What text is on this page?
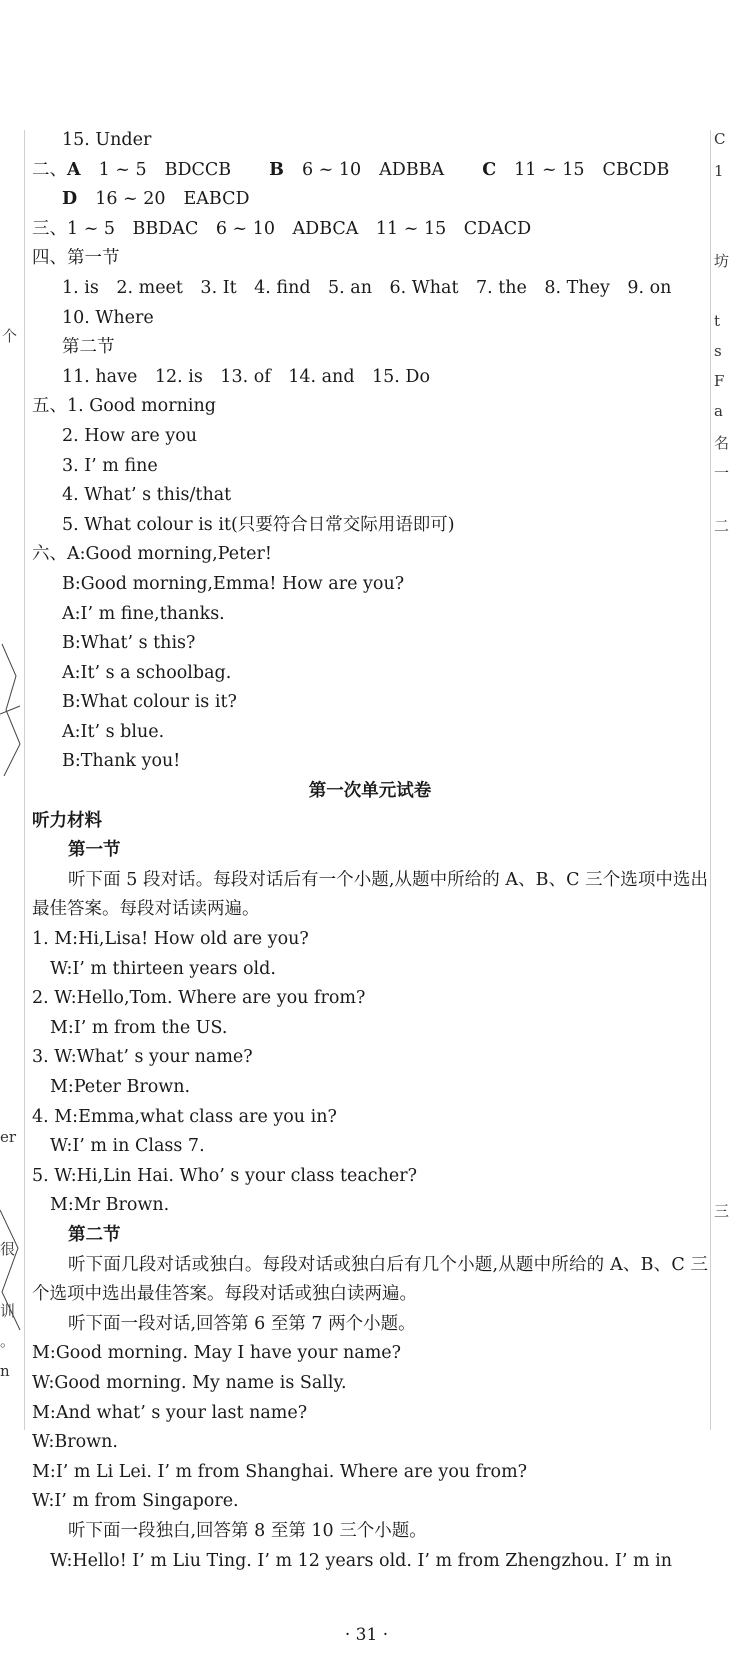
个
er
很
训
。
n
C
1
坊
t
s
F
a
名
一
二
三
15. Under
二、A 1 ~ 5 BDCCB B 6 ~ 10 ADBBA C 11 ~ 15 CBCDB
D 16 ~ 20 EABCD
三、1 ~ 5　BBDAC　6 ~ 10　ADBCA　11 ~ 15　CDACD
四、第一节
1. is　2. meet　3. It　4. find　5. an　6. What　7. the　8. They　9. on
10. Where
第二节
11. have　12. is　13. of　14. and　15. Do
五、1. Good morning
2. How are you
3. I’ m fine
4. What’ s this/that
5. What colour is it(只要符合日常交际用语即可)
六、A:Good morning,Peter!
B:Good morning,Emma! How are you?
A:I’ m fine,thanks.
B:What’ s this?
A:It’ s a schoolbag.
B:What colour is it?
A:It’ s blue.
B:Thank you!
第一次单元试卷
听力材料
第一节

听下面 5 段对话。每段对话后有一个小题,从题中所给的 A、B、C 三个选项中选出最佳答案。每段对话读两遍。

1. M:Hi,Lisa! How old are you?
W:I’ m thirteen years old.
2. W:Hello,Tom. Where are you from?
M:I’ m from the US.
3. W:What’ s your name?
M:Peter Brown.
4. M:Emma,what class are you in?
W:I’ m in Class 7.
5. W:Hi,Lin Hai. Who’ s your class teacher?
M:Mr Brown.
第二节

听下面几段对话或独白。每段对话或独白后有几个小题,从题中所给的 A、B、C 三个选项中选出最佳答案。每段对话或独白读两遍。

听下面一段对话,回答第 6 至第 7 两个小题。
M:Good morning. May I have your name?
W:Good morning. My name is Sally.
M:And what’ s your last name?
W:Brown.
M:I’ m Li Lei. I’ m from Shanghai. Where are you from?
W:I’ m from Singapore.
听下面一段独白,回答第 8 至第 10 三个小题。
W:Hello! I’ m Liu Ting. I’ m 12 years old. I’ m from Zhengzhou. I’ m in
· 31 ·
